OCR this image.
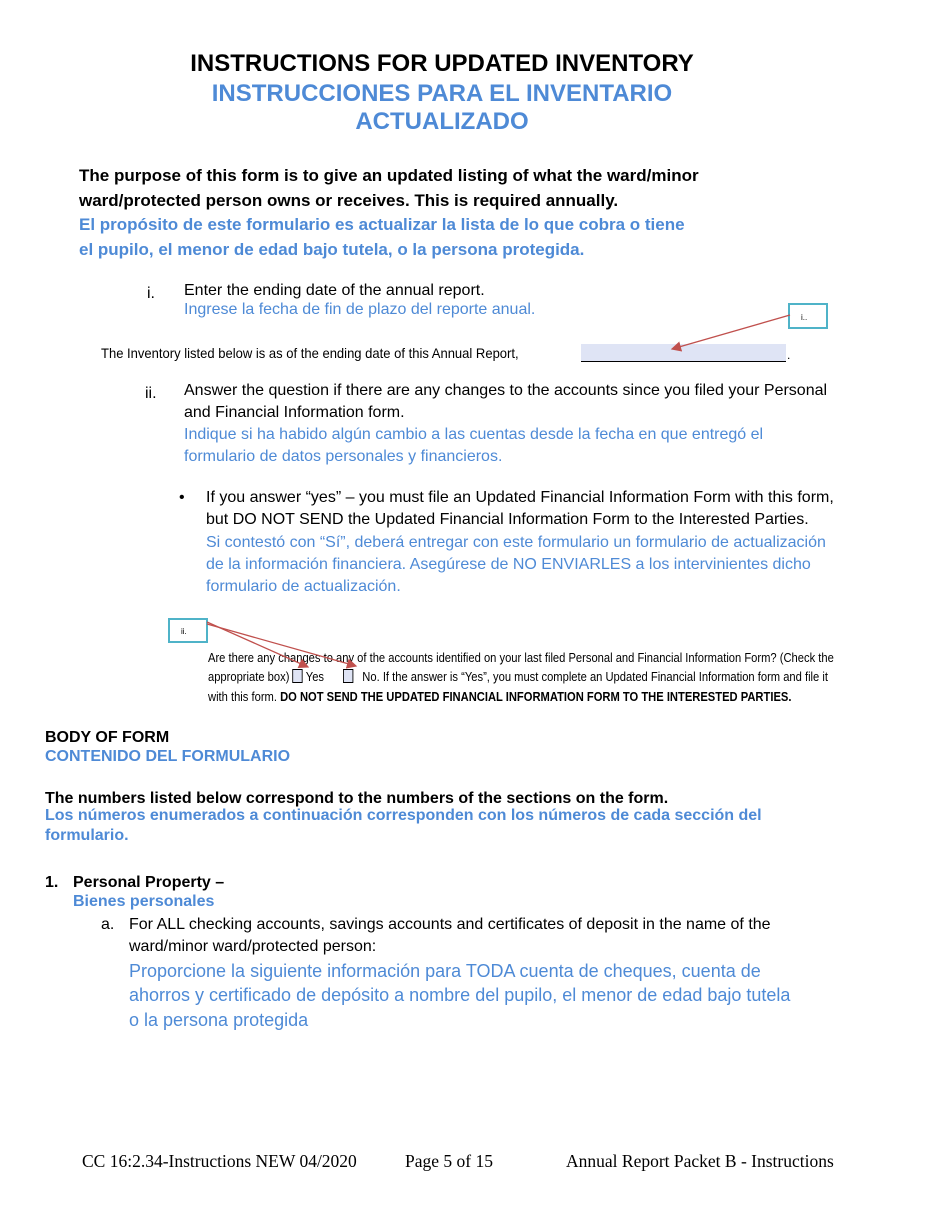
INSTRUCTIONS FOR UPDATED INVENTORY
INSTRUCCIONES PARA EL INVENTARIO
ACTUALIZADO
The purpose of this form is to give an updated listing of what the ward/minor
ward/protected person owns or receives. This is required annually.
El propósito de este formulario es actualizar la lista de lo que cobra o tiene
el pupilo, el menor de edad bajo tutela, o la persona protegida.
i. Enter the ending date of the annual report.
Ingrese la fecha de fin de plazo del reporte anual.	i..
The Inventory listed below is as of the ending date of this Annual Report,	.
ii. Answer the question if there are any changes to the accounts since you filed your Personal
and Financial Information form.
Indique si ha habido algún cambio a las cuentas desde la fecha en que entregó el
formulario de datos personales y financieros.
• If you answer “yes” – you must file an Updated Financial Information Form with this form,
but DO NOT SEND the Updated Financial Information Form to the Interested Parties.
Si contestó con “Sí”, deberá entregar con este formulario un formulario de actualización
de la información financiera. Asegúrese de NO ENVIARLES a los intervinientes dicho
formulario de actualización.
ii.
Are there any changes to any of the accounts identified on your last filed Personal and Financial Information Form? (Check the
appropriate box) Yes	No. If the answer is “Yes”, you must complete an Updated Financial Information form and file it
with this form. DO NOT SEND THE UPDATED FINANCIAL INFORMATION FORM TO THE INTERESTED PARTIES.
BODY OF FORM
CONTENIDO DEL FORMULARIO
The numbers listed below correspond to the numbers of the sections on the form.
Los números enumerados a continuación corresponden con los números de cada sección del
formulario.
1. Personal Property –
Bienes personales
a. For ALL checking accounts, savings accounts and certificates of deposit in the name of the
ward/minor ward/protected person:
Proporcione la siguiente información para TODA cuenta de cheques, cuenta de
ahorros y certificado de depósito a nombre del pupilo, el menor de edad bajo tutela
o la persona protegida
CC 16:2.34-Instructions NEW 04/2020	Page 5 of 15	Annual Report Packet B - Instructions
